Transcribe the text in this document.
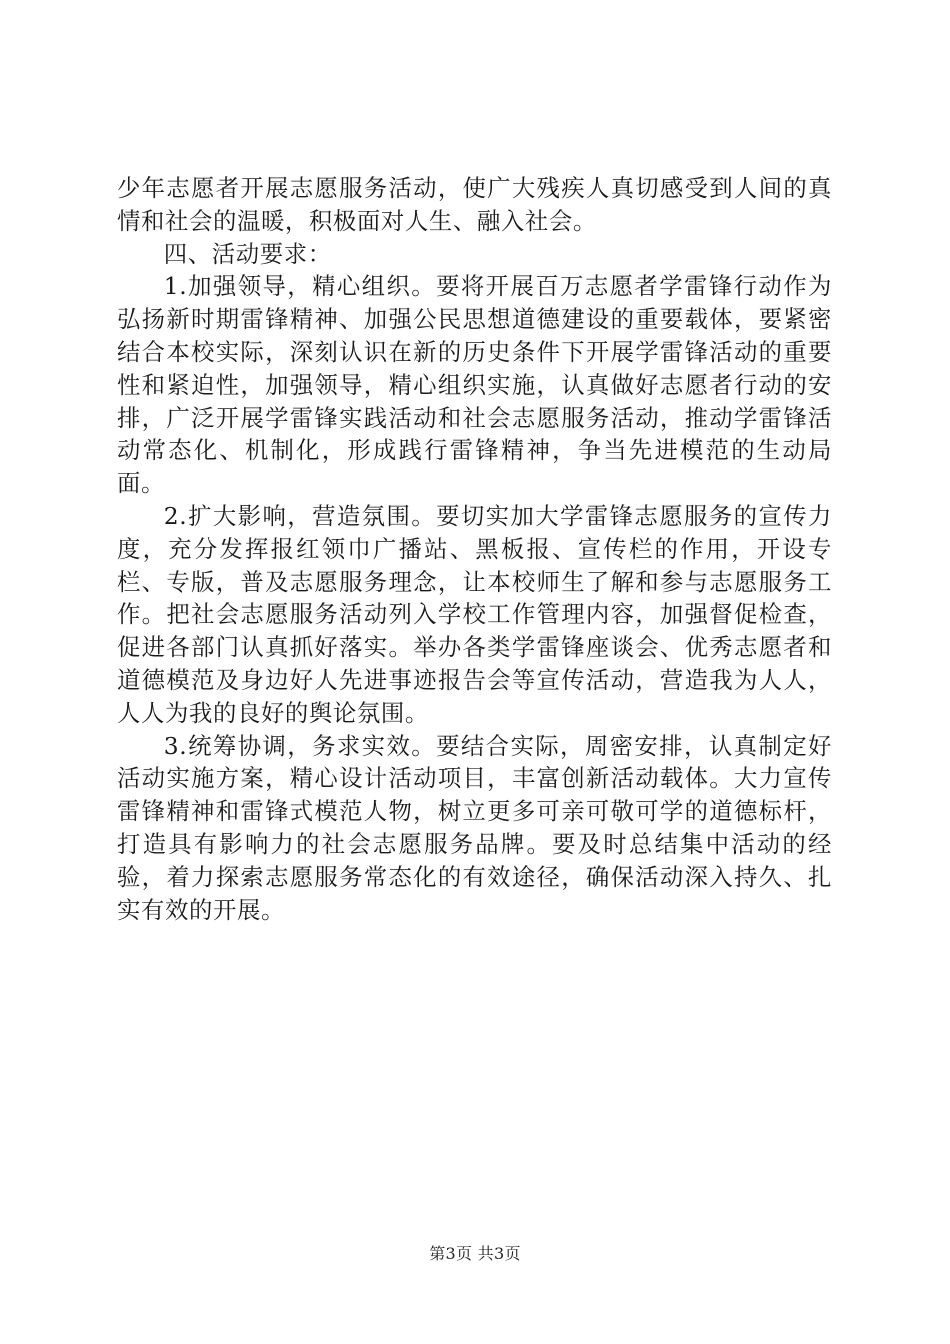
少年志愿者开展志愿服务活动，使广大残疾人真切感受到人间的真情和社会的温暖，积极面对人生、融入社会。

四、活动要求：

1.加强领导，精心组织。要将开展百万志愿者学雷锋行动作为弘扬新时期雷锋精神、加强公民思想道德建设的重要载体，要紧密结合本校实际，深刻认识在新的历史条件下开展学雷锋活动的重要性和紧迫性，加强领导，精心组织实施，认真做好志愿者行动的安排，广泛开展学雷锋实践活动和社会志愿服务活动，推动学雷锋活动常态化、机制化，形成践行雷锋精神，争当先进模范的生动局面。

2.扩大影响，营造氛围。要切实加大学雷锋志愿服务的宣传力度，充分发挥报红领巾广播站、黑板报、宣传栏的作用，开设专栏、专版，普及志愿服务理念，让本校师生了解和参与志愿服务工作。把社会志愿服务活动列入学校工作管理内容，加强督促检查，促进各部门认真抓好落实。举办各类学雷锋座谈会、优秀志愿者和道德模范及身边好人先进事迹报告会等宣传活动，营造我为人人，人人为我的良好的舆论氛围。

3.统筹协调，务求实效。要结合实际，周密安排，认真制定好活动实施方案，精心设计活动项目，丰富创新活动载体。大力宣传雷锋精神和雷锋式模范人物，树立更多可亲可敬可学的道德标杆，打造具有影响力的社会志愿服务品牌。要及时总结集中活动的经验，着力探索志愿服务常态化的有效途径，确保活动深入持久、扎实有效的开展。

第3页 共3页
